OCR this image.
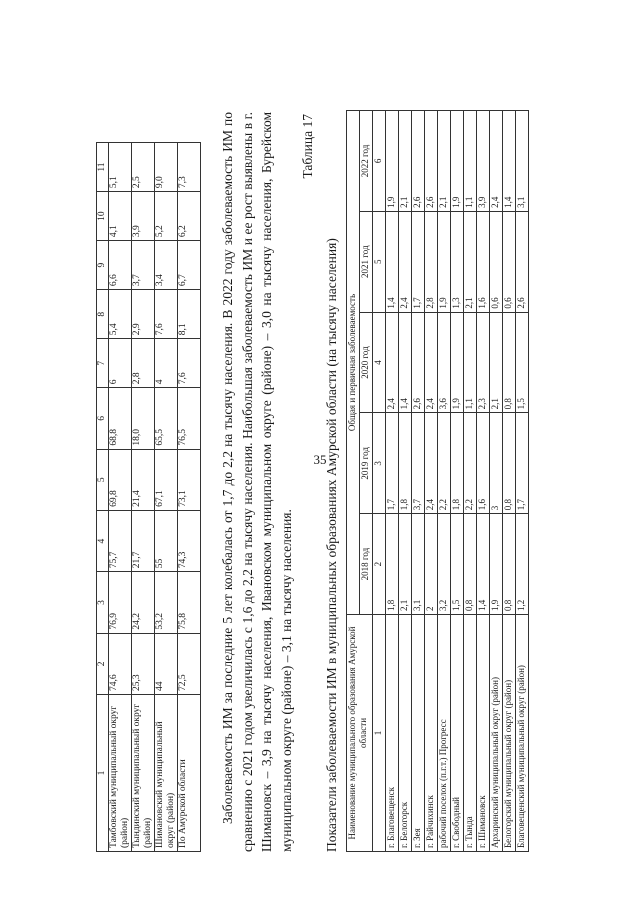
35
1	2	3	4	5	6	7	8	9	10	11
Тамбовский муниципальный округ (район)	74,6	76,9	75,7	69,8	68,8	6	5,4	6,6	4,1	5,1
Тындинский муниципальный округ (район)	25,3	24,2	21,7	21,4	18,0	2,8	2,9	3,7	3,9	2,5
Шимановский муниципальный округ (район)	44	53,2	55	67,1	65,5	4	7,6	3,4	5,2	9,0
По Амурской области	72,5	75,8	74,3	73,1	76,5	7,6	8,1	6,7	6,2	7,3 Заболеваемость ИМ за последние 5 лет колебалась от 1,7 до 2,2 на тысячу населения. В 2022 году заболеваемость ИМ по сравнению с 2021 годом увеличилась с 1,6 до 2,2 на тысячу населения. Наибольшая заболеваемость ИМ и ее рост выявлены в г. Шимановск – 3,9 на тысячу населения, Ивановском муниципальном округе (районе) – 3,0 на тысячу населения, Бурейском муниципальном округе (районе) – 3,1 на тысячу населения.

Таблица 17
Показатели заболеваемости ИМ в муниципальных образованиях Амурской области (на тысячу населения) Наименование муниципального образования Амурской области	Общая и первичная заболеваемость				
	2018 год	2019 год	2020 год	2021 год	2022 год
1	2	3	4	5	6
г. Благовещенск	1,8	1,7	2,4	1,4	1,9
г. Белогорск	2,1	1,8	1,4	2,4	2,1
г. Зея	3,1	3,7	2,6	1,7	2,6
г. Райчихинск	2	2,4	2,4	2,8	2,6
рабочий поселок (п.г.т.) Прогресс	3,2	2,2	3,6	1,9	2,1
г. Свободный	1,5	1,8	1,9	1,3	1,9
г. Тында	0,8	2,2	1,1	2,1	1,1
г. Шимановск	1,4	1,6	2,3	1,6	3,9
Архаринский муниципальный округ (район)	1,9	3	2,1	0,6	2,4
Белогорский муниципальный округ (район)	0,8	0,8	0,8	0,6	1,4
Благовещенский муниципальный округ (район)	1,2	1,7	1,5	2,6	3,1
